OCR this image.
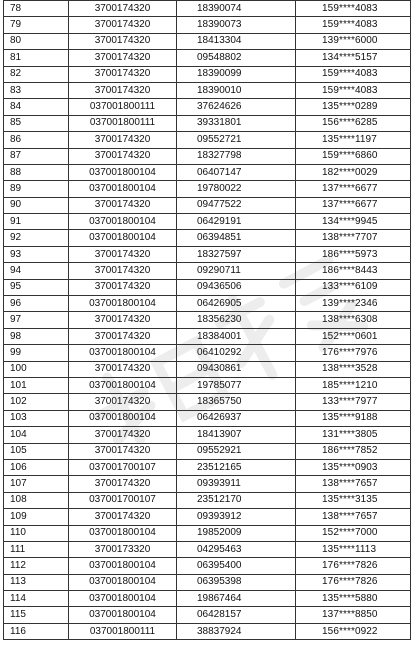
78	3700174320	18390074	159****4083
79	3700174320	18390073	159****4083
80	3700174320	18413304	139****6000
81	3700174320	09548802	134****5157
82	3700174320	18390099	159****4083
83	3700174320	18390010	159****4083
84	037001800111	37624626	135****0289
85	037001800111	39331801	156****6285
86	3700174320	09552721	135****1197
87	3700174320	18327798	159****6860
88	037001800104	06407147	182****0029
89	037001800104	19780022	137****6677
90	3700174320	09477522	137****6677
91	037001800104	06429191	134****9945
92	037001800104	06394851	138****7707
93	3700174320	18327597	186****5973
94	3700174320	09290711	186****8443
95	3700174320	09436506	133****6109
96	037001800104	06426905	139****2346
97	3700174320	18356230	138****6308
98	3700174320	18384001	152****0601
99	037001800104	06410292	176****7976
100	3700174320	09430861	138****3528
101	037001800104	19785077	185****1210
102	3700174320	18365750	133****7977
103	037001800104	06426937	135****9188
104	3700174320	18413907	131****3805
105	3700174320	09552921	186****7852
106	037001700107	23512165	135****0903
107	3700174320	09393911	138****7657
108	037001700107	23512170	135****3135
109	3700174320	09393912	138****7657
110	037001800104	19852009	152****7000
111	3700173320	04295463	135****1113
112	037001800104	06395400	176****7826
113	037001800104	06395398	176****7826
114	037001800104	19867464	135****5880
115	037001800104	06428157	137****8850
116	037001800111	38837924	156****0922
